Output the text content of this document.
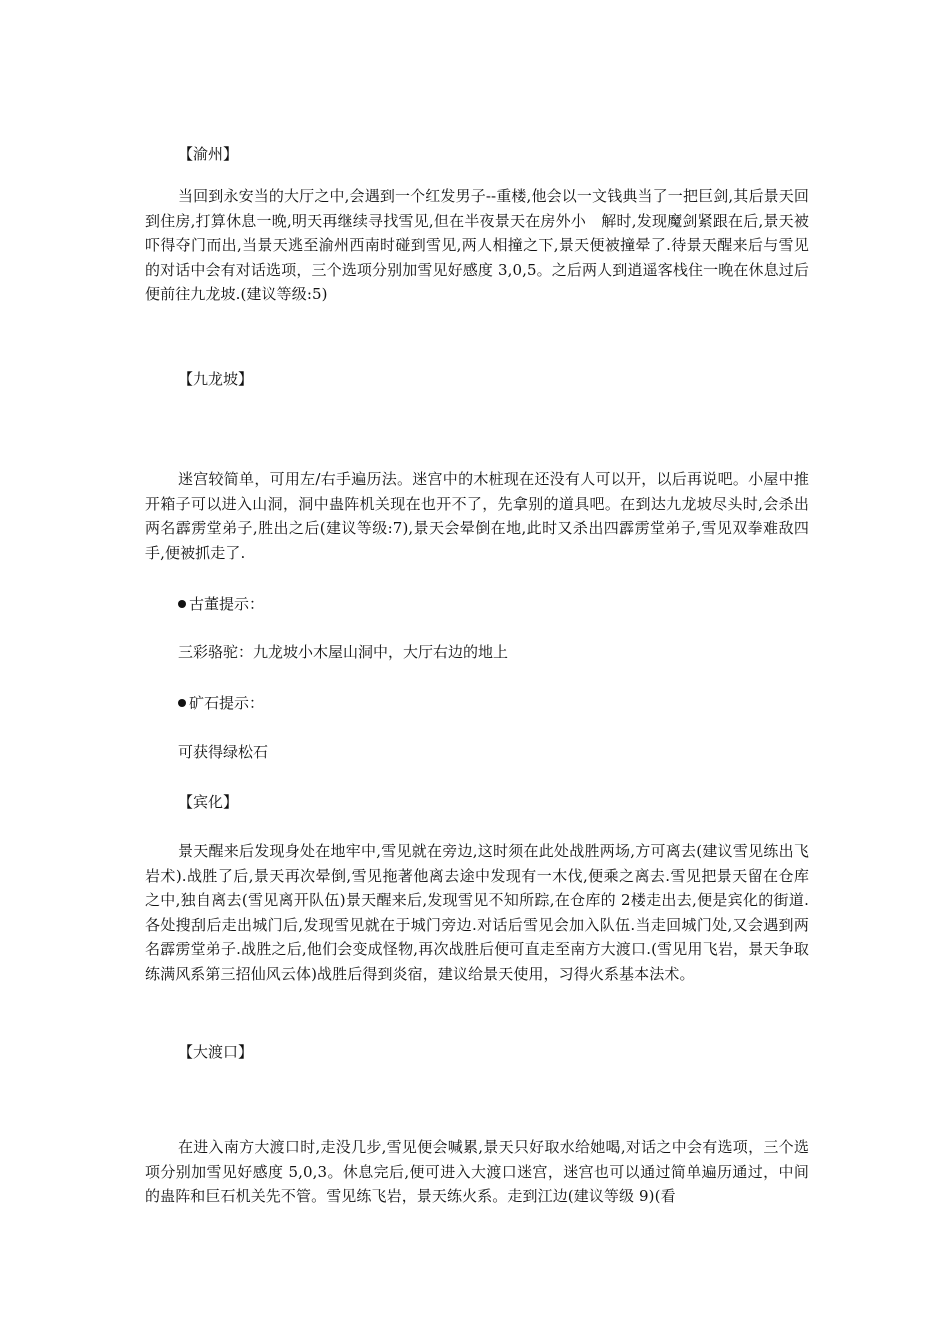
【渝州】
当回到永安当的大厅之中,会遇到一个红发男子--重楼,他会以一文钱典当了一把巨剑,其后景天回到住房,打算休息一晚,明天再继续寻找雪见,但在半夜景天在房外小　解时,发现魔剑紧跟在后,景天被吓得夺门而出,当景天逃至渝州西南时碰到雪见,两人相撞之下,景天便被撞晕了.待景天醒来后与雪见的对话中会有对话选项，三个选项分别加雪见好感度 3,0,5。之后两人到逍遥客栈住一晚在休息过后便前往九龙坡.(建议等级:5)
【九龙坡】
迷宫较简单，可用左/右手遍历法。迷宫中的木桩现在还没有人可以开，以后再说吧。小屋中推开箱子可以进入山洞，洞中蛊阵机关现在也开不了，先拿别的道具吧。在到达九龙坡尽头时,会杀出两名霹雳堂弟子,胜出之后(建议等级:7),景天会晕倒在地,此时又杀出四霹雳堂弟子,雪见双拳难敌四手,便被抓走了.
古董提示：
三彩骆驼：九龙坡小木屋山洞中，大厅右边的地上
矿石提示：
可获得绿松石
【宾化】
景天醒来后发现身处在地牢中,雪见就在旁边,这时须在此处战胜两场,方可离去(建议雪见练出飞岩术).战胜了后,景天再次晕倒,雪见拖著他离去途中发现有一木伐,便乘之离去.雪见把景天留在仓库之中,独自离去(雪见离开队伍)景天醒来后,发现雪见不知所踪,在仓库的 2楼走出去,便是宾化的街道.各处搜刮后走出城门后,发现雪见就在于城门旁边.对话后雪见会加入队伍.当走回城门处,又会遇到两名霹雳堂弟子.战胜之后,他们会变成怪物,再次战胜后便可直走至南方大渡口.(雪见用飞岩，景天争取练满风系第三招仙风云体)战胜后得到炎宿，建议给景天使用，习得火系基本法术。
【大渡口】
在进入南方大渡口时,走没几步,雪见便会喊累,景天只好取水给她喝,对话之中会有选项，三个选项分别加雪见好感度 5,0,3。休息完后,便可进入大渡口迷宫，迷宫也可以通过简单遍历通过，中间的蛊阵和巨石机关先不管。雪见练飞岩，景天练火系。走到江边(建议等级 9)(看
